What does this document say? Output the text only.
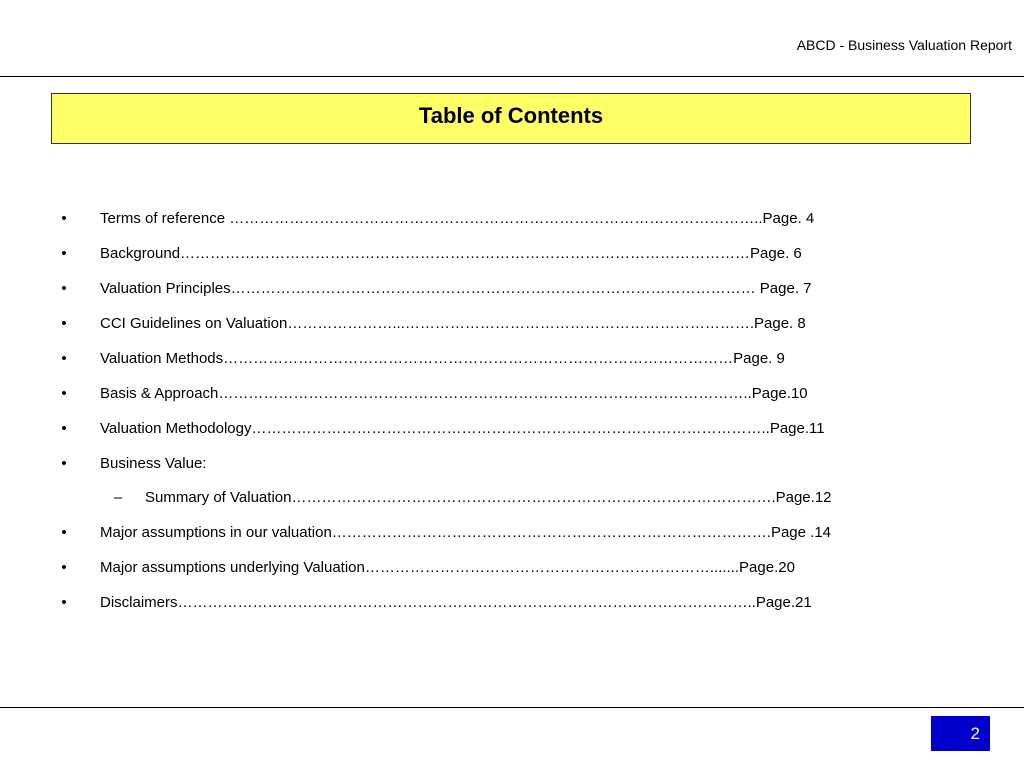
ABCD - Business Valuation Report
Table of Contents
• Terms of reference ……………………………………………………………………………………………..Page. 4
• Background……………………………………………………………………………………………………Page. 6
• Valuation Principles…………………………………………………………………………………………… Page. 7
• CCI Guidelines on Valuation…………………...…………………………………………………………….Page. 8
• Valuation Methods…………………………………………………………………………………………Page. 9
• Basis & Approach……………………………………………………………………………………………..Page.10
• Valuation Methodology…………………………………………………………………………………………..Page.11
• Business Value:
– Summary of Valuation…………………………………………………………………………………….Page.12
• Major assumptions in our valuation…………………………………………………………………………….Page .14
• Major assumptions underlying Valuation…………………………………………………………….......Page.20
• Disclaimers……………………………………………………………………………………………………..Page.21
2
